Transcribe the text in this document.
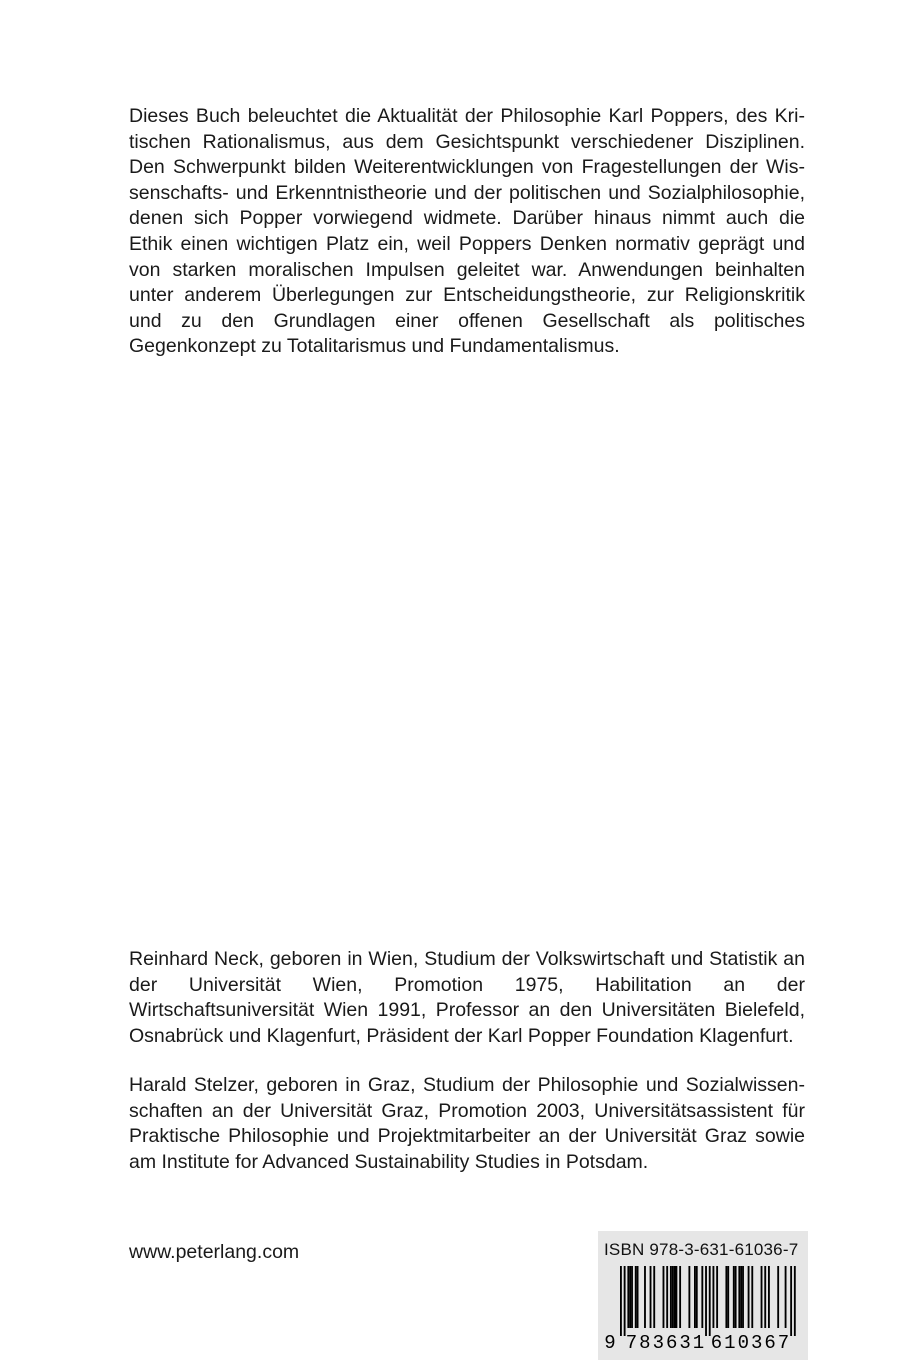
Dieses Buch beleuchtet die Aktualität der Philosophie Karl Poppers, des Kritischen Rationalismus, aus dem Gesichtspunkt verschiedener Disziplinen. Den Schwerpunkt bilden Weiterentwicklungen von Fragestellungen der Wissenschafts- und Erkenntnistheorie und der politischen und Sozialphilosophie, denen sich Popper vorwiegend widmete. Darüber hinaus nimmt auch die Ethik einen wichtigen Platz ein, weil Poppers Denken normativ geprägt und von starken moralischen Impulsen geleitet war. Anwendungen beinhalten unter anderem Überlegungen zur Entscheidungstheorie, zur Religionskritik und zu den Grundlagen einer offenen Gesellschaft als politisches Gegenkonzept zu Totalitarismus und Fundamentalismus.

Reinhard Neck, geboren in Wien, Studium der Volkswirtschaft und Statistik an der Universität Wien, Promotion 1975, Habilitation an der Wirtschaftsuniversität Wien 1991, Professor an den Universitäten Bielefeld, Osnabrück und Klagenfurt, Präsident der Karl Popper Foundation Klagenfurt.

Harald Stelzer, geboren in Graz, Studium der Philosophie und Sozialwissenschaften an der Universität Graz, Promotion 2003, Universitätsassistent für Praktische Philosophie und Projektmitarbeiter an der Universität Graz sowie am Institute for Advanced Sustainability Studies in Potsdam.

www.peterlang.com	ISBN 978-3-631-61036-7
9 783631 610367
